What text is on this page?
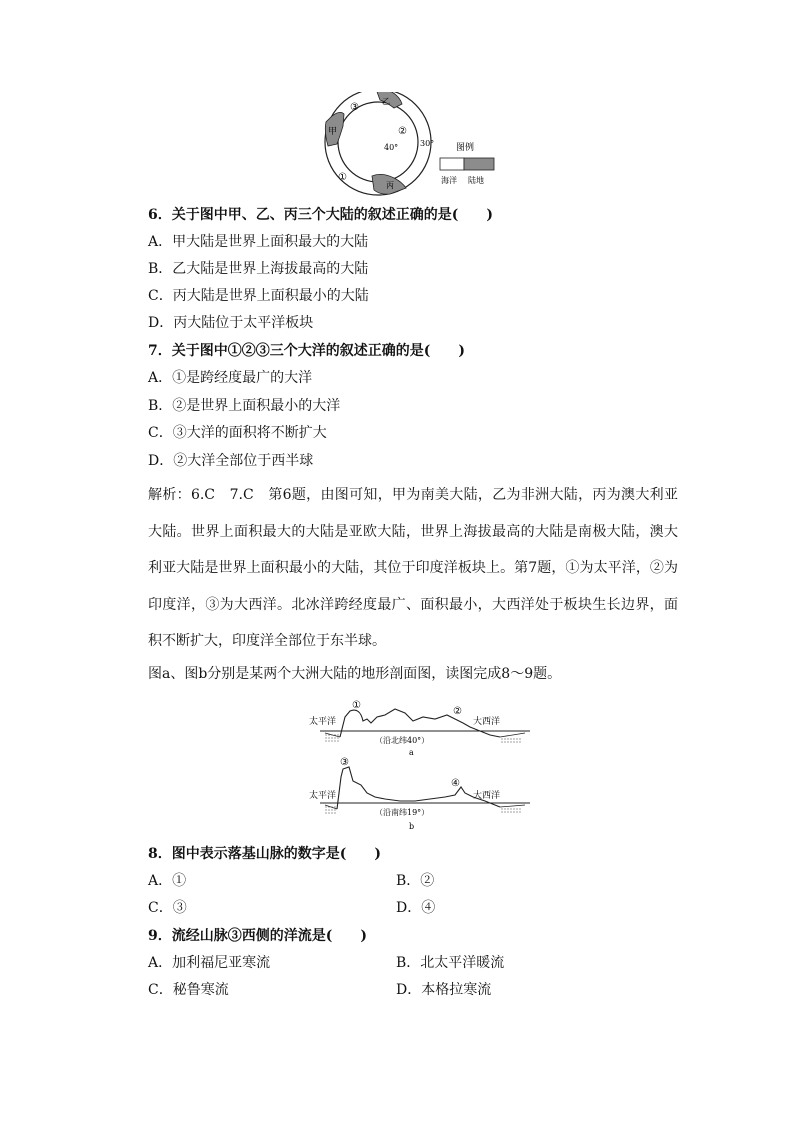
甲
乙
丙
③
②
①
40°	30° 图例
海洋 陆地
6．关于图中甲、乙、丙三个大陆的叙述正确的是(　　)
A．甲大陆是世界上面积最大的大陆
B．乙大陆是世界上海拔最高的大陆
C．丙大陆是世界上面积最小的大陆
D．丙大陆位于太平洋板块
7．关于图中①②③三个大洋的叙述正确的是(　　)
A．①是跨经度最广的大洋
B．②是世界上面积最小的大洋
C．③大洋的面积将不断扩大
D．②大洋全部位于西半球
解析：6.C　7.C　第6题，由图可知，甲为南美大陆，乙为非洲大陆，丙为澳大利亚大陆。世界上面积最大的大陆是亚欧大陆，世界上海拔最高的大陆是南极大陆，澳大利亚大陆是世界上面积最小的大陆，其位于印度洋板块上。第7题，①为太平洋，②为印度洋，③为大西洋。北冰洋跨经度最广、面积最小，大西洋处于板块生长边界，面积不断扩大，印度洋全部位于东半球。
图a、图b分别是某两个大洲大陆的地形剖面图，读图完成8～9题。
太平洋	大西洋
①
②
（沿北纬40°）
a
太平洋	大西洋
③
④
（沿南纬19°）
b
8．图中表示落基山脉的数字是(　　)
A．①	B．②
C．③	D．④
9．流经山脉③西侧的洋流是(　　)
A．加利福尼亚寒流	B．北太平洋暖流
C．秘鲁寒流	D．本格拉寒流
